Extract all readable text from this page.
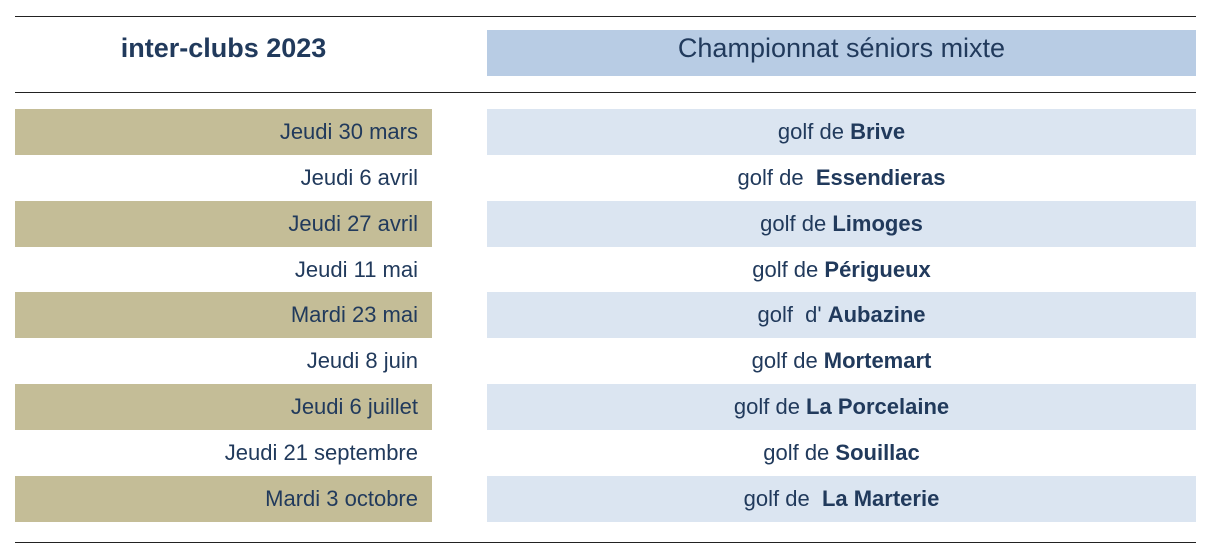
inter-clubs 2023	Championnat séniors mixte
Jeudi 30 mars	golf de Brive
Jeudi 6 avril	golf de  Essendieras
Jeudi 27 avril	golf de Limoges
Jeudi 11 mai	golf de Périgueux
Mardi 23 mai	golf  d' Aubazine
Jeudi 8 juin	golf de Mortemart
Jeudi 6 juillet	golf de La Porcelaine
Jeudi 21 septembre	golf de Souillac
Mardi 3 octobre	golf de  La Marterie
